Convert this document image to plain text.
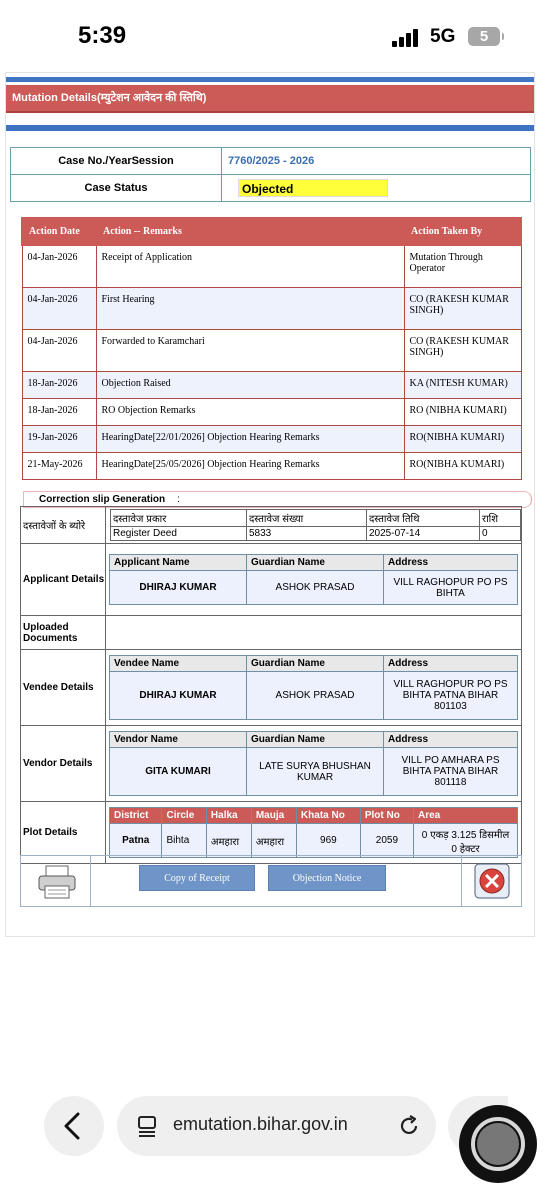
5:39	5G	5
Mutation Details(म्युटेशन आवेदन की स्तिथि)
Case No./YearSession	7760/2025 - 2026
Case Status	Objected
Action Date	Action -- Remarks	Action Taken By
04-Jan-2026	Receipt of Application	Mutation Through Operator
04-Jan-2026	First Hearing	CO (RAKESH KUMAR SINGH)
04-Jan-2026	Forwarded to Karamchari	CO (RAKESH KUMAR SINGH)
18-Jan-2026	Objection Raised	KA (NITESH KUMAR)
18-Jan-2026	RO Objection Remarks	RO (NIBHA KUMARI)
19-Jan-2026	HearingDate[22/01/2026] Objection Hearing Remarks	RO(NIBHA KUMARI)
21-May-2026	HearingDate[25/05/2026] Objection Hearing Remarks	RO(NIBHA KUMARI)
Correction slip Generation :
दस्तावेजों के ब्योरे	
दस्तावेज प्रकार	दस्तावेज संख्या	दस्तावेज तिथि	राशि
Register Deed	5833	2025-07-14	0

Applicant Details	
Applicant Name	Guardian Name	Address
DHIRAJ KUMAR	ASHOK PRASAD	VILL RAGHOPUR PO PS BIHTA

Uploaded Documents	
Vendee Details	
Vendee Name	Guardian Name	Address
DHIRAJ KUMAR	ASHOK PRASAD	VILL RAGHOPUR PO PS BIHTA PATNA BIHAR 801103

Vendor Details	
Vendor Name	Guardian Name	Address
GITA KUMARI	LATE SURYA BHUSHAN KUMAR	VILL PO AMHARA PS BIHTA PATNA BIHAR 801118

Plot Details	
District	Circle	Halka	Mauja	Khata No	Plot No	Area
Patna	Bihta	अमहारा	अमहारा	969	2059	0 एकड़ 3.125 डिसमील 0 हेक्टर
Copy of Receipt	Objection Notice
emutation.bihar.gov.in
